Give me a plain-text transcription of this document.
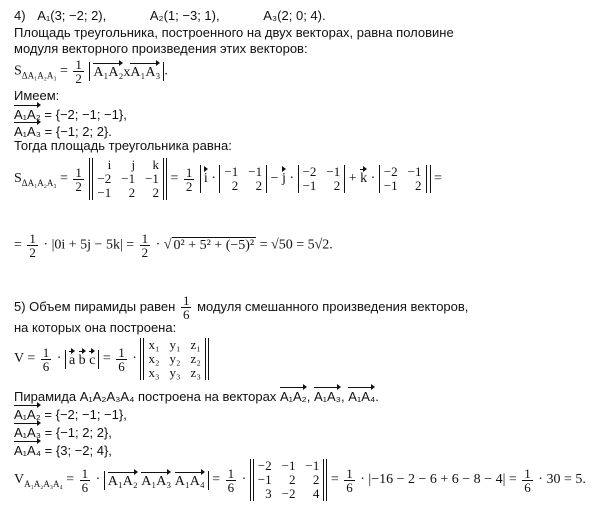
4) A₁(3; −2; 2),	A₂(1; −3; 1),	A₃(2; 0; 4).
Площадь треугольника, построенного на двух векторах, равна половине
модуля векторного произведения этих векторов:
$S_{\Delta A_1A_2A_3} = \frac{1}{2} A_1A_2xA_1A_3$ .
Имеем:
A₁A₂ = {−2; −1; −1},
A₁A₃ = {−1; 2; 2}.
Тогда площадь треугольника равна:
$S_{\Delta A_1A_2A_3} = \frac{1}{2}$

i	j	k
−2 −1 −1
−1	2	2
= $\frac{1}{2}$ i · −1 −1
2	2 − j · −2 −1
−1	2 + k · −2 −1
−1	2 =
= $\frac{1}{2} \cdot |0i + 5j - 5k| = \frac{1}{2}$ · √ 0² + 5² + (−5)² = √50 = 5√2.
5) Объем пирамиды равен $\frac{1}{6}$ модуля смешанного произведения векторов,
на которых она построена:
$V = \frac{1}{6} \cdot a$ b $c = \frac{1}{6}$ ·
x₁ y₁ z₁
x₂ y₂ z₂
x₃ y₃ z₃
Пирамида A₁A₂A₃A₄ построена на векторах A₁A₂, A₁A₃, A₁A₄.
A₁A₂ = {−2; −1; −1},
A₁A₃ = {−1; 2; 2},
A₁A₄ = {3; −2; 4},
$V_{A_1A_2A_3A_4} = \frac{1}{6} \cdot A_1A_2$ A₁A₃ $A_1A_4 = \frac{1}{6}$ ·
−2 −1 −1
−1	2	2
3 −2	4
= $\frac{1}{6} \cdot |-16 - 2 - 6 + 6 - 8 - 4| = \frac{1}{6} \cdot 30 = 5$.
